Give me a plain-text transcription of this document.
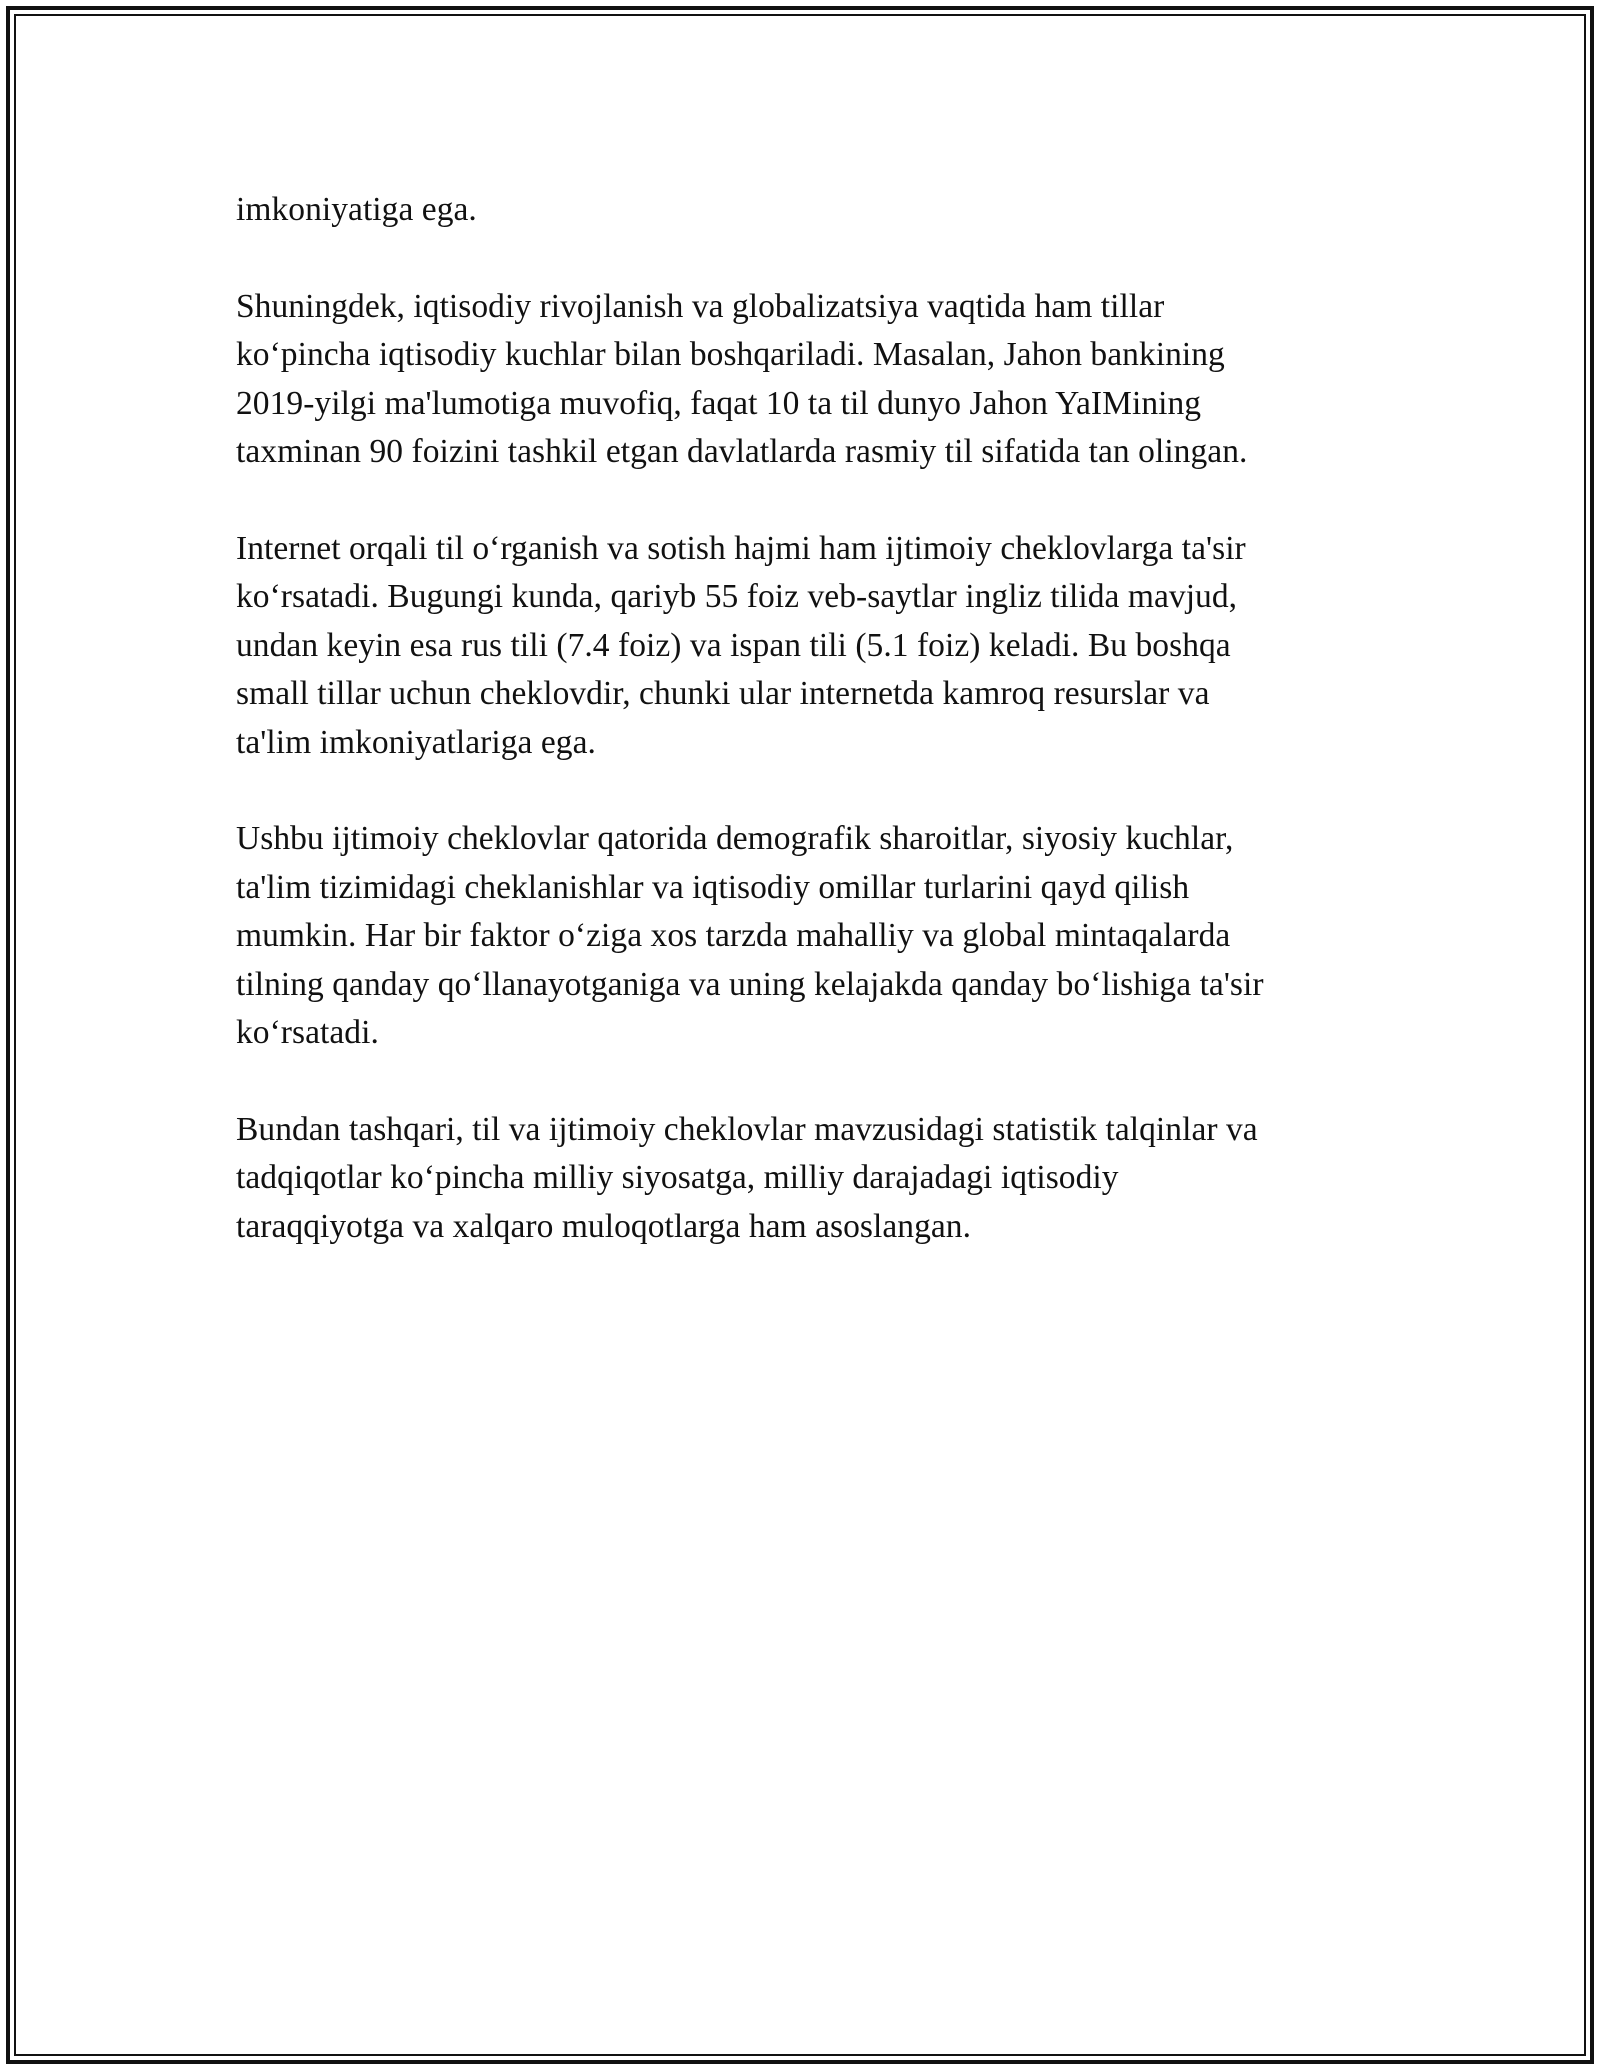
imkoniyatiga ega.

Shuningdek, iqtisodiy rivojlanish va globalizatsiya vaqtida ham tillar
ko‘pincha iqtisodiy kuchlar bilan boshqariladi. Masalan, Jahon bankining
2019-yilgi ma'lumotiga muvofiq, faqat 10 ta til dunyo Jahon YaIMining
taxminan 90 foizini tashkil etgan davlatlarda rasmiy til sifatida tan olingan.

Internet orqali til o‘rganish va sotish hajmi ham ijtimoiy cheklovlarga ta'sir
ko‘rsatadi. Bugungi kunda, qariyb 55 foiz veb-saytlar ingliz tilida mavjud,
undan keyin esa rus tili (7.4 foiz) va ispan tili (5.1 foiz) keladi. Bu boshqa
small tillar uchun cheklovdir, chunki ular internetda kamroq resurslar va
ta'lim imkoniyatlariga ega.

Ushbu ijtimoiy cheklovlar qatorida demografik sharoitlar, siyosiy kuchlar,
ta'lim tizimidagi cheklanishlar va iqtisodiy omillar turlarini qayd qilish
mumkin. Har bir faktor o‘ziga xos tarzda mahalliy va global mintaqalarda
tilning qanday qo‘llanayotganiga va uning kelajakda qanday bo‘lishiga ta'sir
ko‘rsatadi.

Bundan tashqari, til va ijtimoiy cheklovlar mavzusidagi statistik talqinlar va
tadqiqotlar ko‘pincha milliy siyosatga, milliy darajadagi iqtisodiy
taraqqiyotga va xalqaro muloqotlarga ham asoslangan.
